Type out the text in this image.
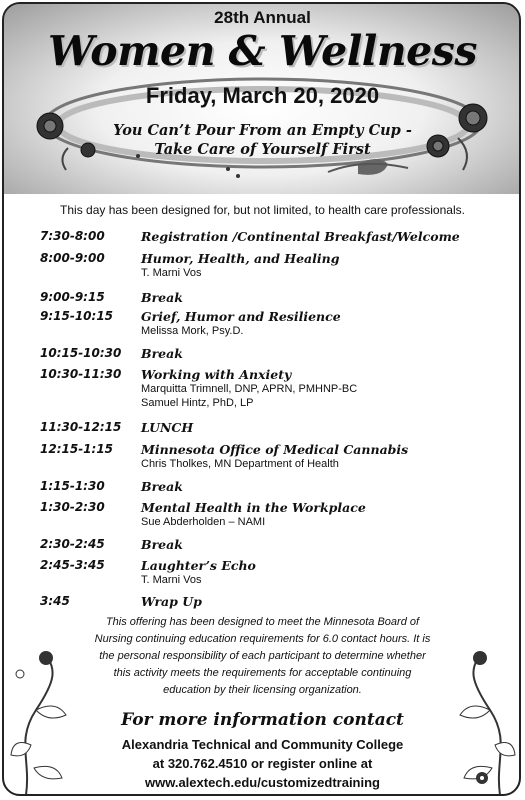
28th Annual
Women & Wellness
Friday, March 20, 2020
You Can’t Pour From an Empty Cup -
Take Care of Yourself First
This day has been designed for, but not limited, to health care professionals.
7:30-8:00	Registration /Continental Breakfast/Welcome
8:00-9:00	Humor, Health, and Healing
T. Marni Vos
9:00-9:15	Break
9:15-10:15	Grief, Humor and Resilience
Melissa Mork, Psy.D.
10:15-10:30	Break
10:30-11:30	Working with Anxiety
Marquitta Trimnell, DNP, APRN, PMHNP-BC
Samuel Hintz, PhD, LP
11:30-12:15	LUNCH
12:15-1:15	Minnesota Office of Medical Cannabis
Chris Tholkes, MN Department of Health
1:15-1:30	Break
1:30-2:30	Mental Health in the Workplace
Sue Abderholden – NAMI
2:30-2:45	Break
2:45-3:45	Laughter’s Echo
T. Marni Vos
3:45	Wrap Up
This offering has been designed to meet the Minnesota Board of
Nursing continuing education requirements for 6.0 contact hours. It is
the personal responsibility of each participant to determine whether
this activity meets the requirements for acceptable continuing
education by their licensing organization.
For more information contact
Alexandria Technical and Community College
at 320.762.4510 or register online at
www.alextech.edu/customizedtraining
